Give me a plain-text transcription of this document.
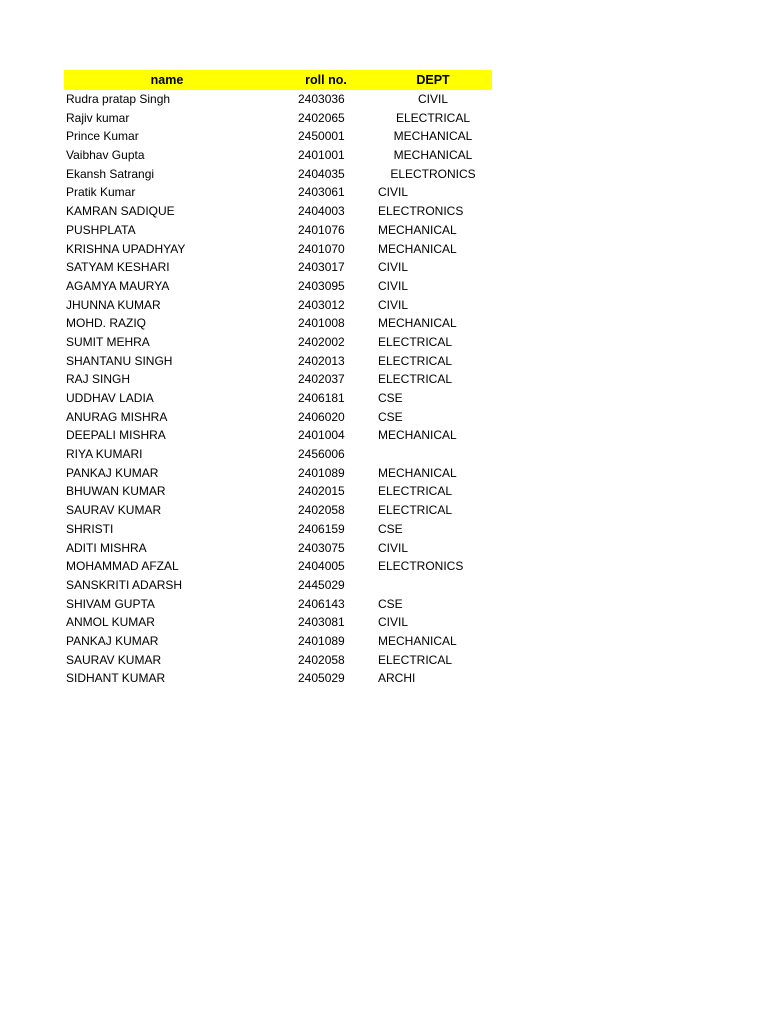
name	roll no.	DEPT
Rudra pratap Singh	2403036	CIVIL
Rajiv kumar	2402065	ELECTRICAL
Prince Kumar	2450001	MECHANICAL
Vaibhav Gupta	2401001	MECHANICAL
Ekansh Satrangi	2404035	ELECTRONICS
Pratik Kumar	2403061	CIVIL
KAMRAN SADIQUE	2404003	ELECTRONICS
PUSHPLATA	2401076	MECHANICAL
KRISHNA UPADHYAY	2401070	MECHANICAL
SATYAM KESHARI	2403017	CIVIL
AGAMYA MAURYA	2403095	CIVIL
JHUNNA KUMAR	2403012	CIVIL
MOHD. RAZIQ	2401008	MECHANICAL
SUMIT MEHRA	2402002	ELECTRICAL
SHANTANU SINGH	2402013	ELECTRICAL
RAJ SINGH	2402037	ELECTRICAL
UDDHAV LADIA	2406181	CSE
ANURAG MISHRA	2406020	CSE
DEEPALI MISHRA	2401004	MECHANICAL
RIYA KUMARI	2456006
PANKAJ KUMAR	2401089	MECHANICAL
BHUWAN KUMAR	2402015	ELECTRICAL
SAURAV KUMAR	2402058	ELECTRICAL
SHRISTI	2406159	CSE
ADITI MISHRA	2403075	CIVIL
MOHAMMAD AFZAL	2404005	ELECTRONICS
SANSKRITI ADARSH	2445029
SHIVAM GUPTA	2406143	CSE
ANMOL KUMAR	2403081	CIVIL
PANKAJ KUMAR	2401089	MECHANICAL
SAURAV KUMAR	2402058	ELECTRICAL
SIDHANT KUMAR	2405029	ARCHI
